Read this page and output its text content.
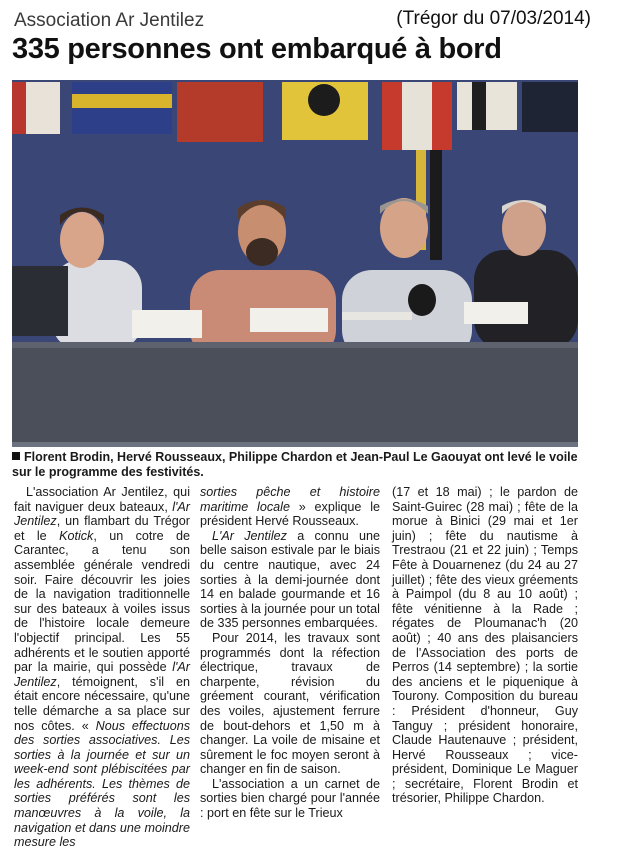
Association Ar Jentilez	(Trégor du 07/03/2014)
335 personnes ont embarqué à bord
Florent Brodin, Hervé Rousseaux, Philippe Chardon et Jean-Paul Le Gaouyat ont levé le voile sur le programme des festivités.

L'association Ar Jentilez, qui fait naviguer deux bateaux, l'Ar Jentilez, un flambart du Trégor et le Kotick, un cotre de Carantec, a tenu son assemblée générale vendredi soir. Faire découvrir les joies de la navigation traditionnelle sur des bateaux à voiles issus de l'histoire locale demeure l'objectif principal. Les 55 adhérents et le soutien apporté par la mairie, qui possède l'Ar Jentilez, témoignent, s'il en était encore nécessaire, qu'une telle démarche a sa place sur nos côtes. « Nous effectuons des sorties associatives. Les sorties à la journée et sur un week-end sont plébiscitées par les adhérents. Les thèmes de sorties préférés sont les manœuvres à la voile, la navigation et dans une moindre mesure les

sorties pêche et histoire maritime locale » explique le président Hervé Rousseaux.

L'Ar Jentilez a connu une belle saison estivale par le biais du centre nautique, avec 24 sorties à la demi-journée dont 14 en balade gourmande et 16 sorties à la journée pour un total de 335 personnes embarquées.

Pour 2014, les travaux sont programmés dont la réfection électrique, travaux de charpente, révision du gréement courant, vérification des voiles, ajustement ferrure de bout-dehors et 1,50 m à changer. La voile de misaine et sûrement le foc moyen seront à changer en fin de saison.

L'association a un carnet de sorties bien chargé pour l'année : port en fête sur le Trieux

(17 et 18 mai) ; le pardon de Saint-Guirec (28 mai) ; fête de la morue à Binici (29 mai et 1er juin) ; fête du nautisme à Trestraou (21 et 22 juin) ; Temps Fête à Douarnenez (du 24 au 27 juillet) ; fête des vieux gréements à Paimpol (du 8 au 10 août) ; fête vénitienne à la Rade ; régates de Ploumanac'h (20 août) ; 40 ans des plaisanciers de l'Association des ports de Perros (14 septembre) ; la sortie des anciens et le piquenique à Tourony. Composition du bureau : Président d'honneur, Guy Tanguy ; président honoraire, Claude Hautenauve ; président, Hervé Rousseaux ; vice-président, Dominique Le Maguer ; secrétaire, Florent Brodin et trésorier, Philippe Chardon.
